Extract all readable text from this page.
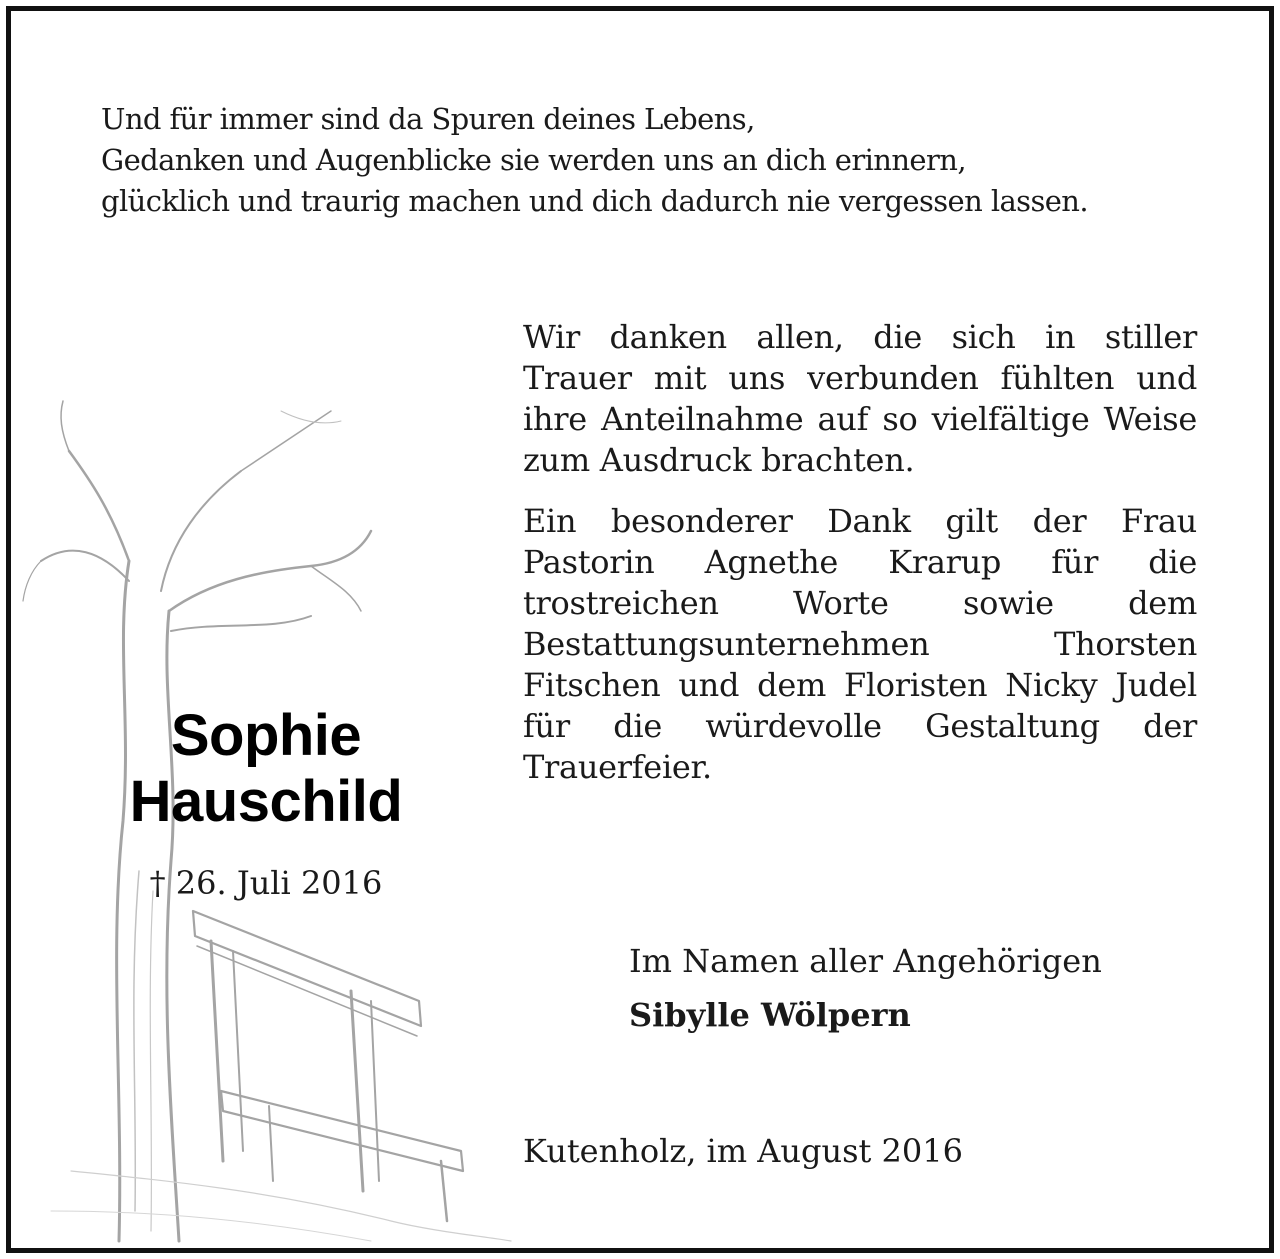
Und für immer sind da Spuren deines Lebens,
Gedanken und Augenblicke sie werden uns an dich erinnern,
glücklich und traurig machen und dich dadurch nie vergessen lassen.

Wir danken allen, die sich in stiller Trauer mit uns verbunden fühlten und ihre Anteilnahme auf so vielfältige Weise zum Ausdruck brachten.

Ein besonderer Dank gilt der Frau Pastorin Agnethe Krarup für die trostreichen Worte sowie dem Bestattungsunternehmen Thorsten Fitschen und dem Floristen Nicky Judel für die würdevolle Gestaltung der Trauerfeier.

Sophie
Hauschild
† 26. Juli 2016
Im Namen aller Angehörigen
Sibylle Wölpern
Kutenholz, im August 2016
